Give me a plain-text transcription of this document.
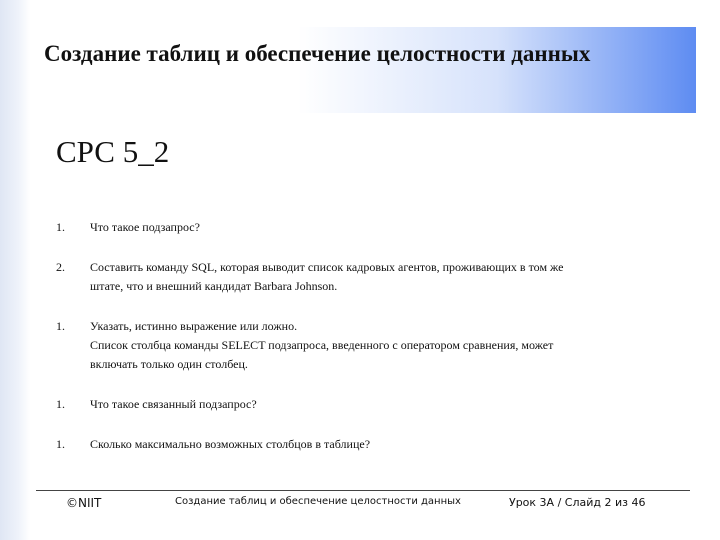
Создание таблиц и обеспечение целостности данных
СРС 5_2
1.	Что такое подзапрос?
2.	Составить команду SQL, которая выводит список кадровых агентов, проживающих в том же
штате, что и внешний кандидат Barbara Johnson.
1.	Указать, истинно выражение или ложно.
Список столбца команды SELECT подзапроса, введенного с оператором сравнения, может
включать только один столбец.
1.	Что такое связанный подзапрос?
1.	Сколько максимально возможных столбцов в таблице?
©NIIT	Создание таблиц и обеспечение целостности данных	Урок 3А / Слайд 2 из 46
